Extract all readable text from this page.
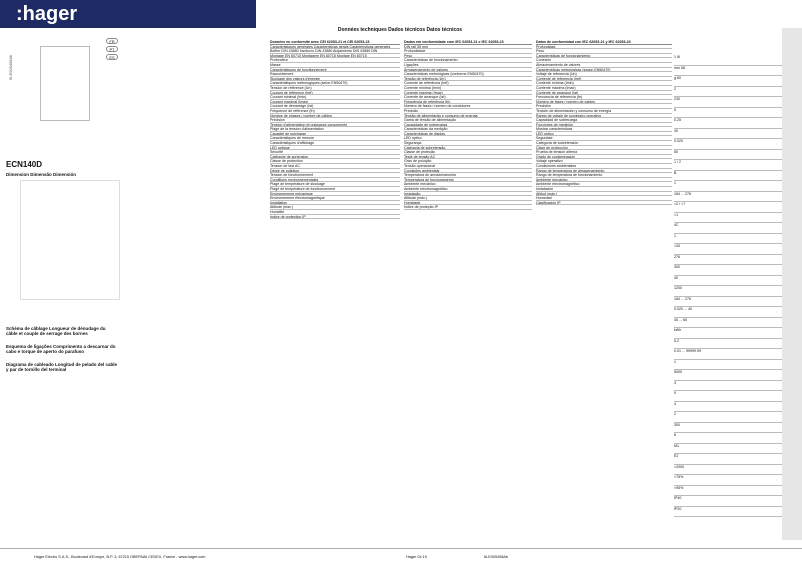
:hager
FR
PT
ES
6LE005458Ab
ECN140D
Dimension Dimensão Dimensión
Schéma de câblage Longueur de dénudage du câble et couple de serrage des bornes
Esquema de ligações Comprimento a descarnar do cabo e torque de aperto do parafuso
Diagrama de cableado Longitud de pelado del cable y par de tornillo del terminal
Données techniques Dados técnicos Datos técnicos
Données en conformité avec CEI 62053-21 et CEI 62053-23
Caractéristiques générales Características gerais Características generales
Boîtier DIN 43880 Invólucro DIN 43880 Alojamiento DIN 43880 DIN
Montage EN 60715 Montagem EN 60715 Montaje EN 60715
Profondeur
Masse
Caractéristiques de fonctionnement
Raccordement
Stockage des valeurs d'énergie
Caractéristiques métrologiques (selon EN50470)
Tension de référence (Un)
Courant de référence (Iref)
Courant minimal (Imin)
Courant maximal (Imax)
Courant de démarrage (Ist)
Fréquence de référence (fn)
Nombre de phases / nombre de câbles
Précision
Tension d'alimentation et puissance consommée
Plage de la tension d'alimentation
Capacité de surcharge
Caractéristiques de mesure
Caractéristiques d'affichage
LED optique
Sécurité
Catégorie de surtension
Classe de protection
Tension de test AC
Degré de pollution
Tension de fonctionnement
Conditions environnementales
Plage de température de stockage
Plage de température de fonctionnement
Environnement mécanique
Environnement électromagnétique
Installation
Altitude (max.)
Humidité
Indice de protection IP
Dados em conformidade com IEC 62053-21 e IEC 62053-23
DIN rail 35 mm
Profundidade
Peso
Características de funcionamento
Ligações
Armazenamento de valores
Características metrológicas (conforme EN50470)
Tensão de referência (Un)
Corrente de referência (Iref)
Corrente mínima (Imin)
Corrente máxima (Imax)
Corrente de arranque (Ist)
Frequência de referência (fn)
Número de fases / número de condutores
Precisão
Tensão de alimentação e consumo de energia
Gama de tensão de alimentação
Capacidade de sobrecarga
Características da medição
Características de display
LED óptico
Segurança
Categoria de sobretensão
Classe de proteção
Teste de tensão AC
Grau de poluição
Tensão operacional
Condições ambientais
Temperatura de armazenamento
Temperatura de funcionamento
Ambiente mecânico
Ambiente electromagnético
Instalação
Altitude (máx.)
Humidade
Índice de proteção IP
Datos de conformidad con IEC 62053-21 y IEC 62053-23
Profundidad
Peso
Características de funcionamiento
Conexión
Almacenamiento de valores
Características metrológicas (según EN50470)
Voltaje de referencia (Un)
Corriente de referencia (Iref)
Corriente mínima (Imin)
Corriente máxima (Imax)
Corriente de arranque (Ist)
Frecuencia de referencia (fn)
Número de fases / número de cables
Precisión
Tensión de alimentación y consumo de energía
Rango de voltaje de suministro operativo
Capacidad de sobrecarga
Funciones de medición
Mostrar características
LED óptico
Seguridad
Categoría de sobretensión
Clase de protección
Prueba de tensión alterna
Grado de contaminación
Voltaje operativo
Condiciones ambientales
Rango de temperatura de almacenamiento
Rango de temperatura de funcionamiento
Ambiente mecánico
Ambiente electromagnético
Instalación
Altitud (máx.)
Humedad
Clasificación IP
1 ⊞
mm 58
g 60
2
230
5
0.25
40
0.020
50
1 / 2
B
1
184 ... 276
<2 / <7
<1
4C
1
<20
276
300
40
1200
184 ... 276
0.020 ... 40
45 ... 65
kWh
5.2
0.01 ... 99999.99
1
5000
3
II
4
2
300
6
M1
E2
<2000
<75%
<95%
IP40
IP20
Hager Electro S.A.S., Boulevard d'Europe, B.P. 3, 67215 OBERNAI CEDEX, France - www.hager.com	Hager 04.19	6LE005458Ab
